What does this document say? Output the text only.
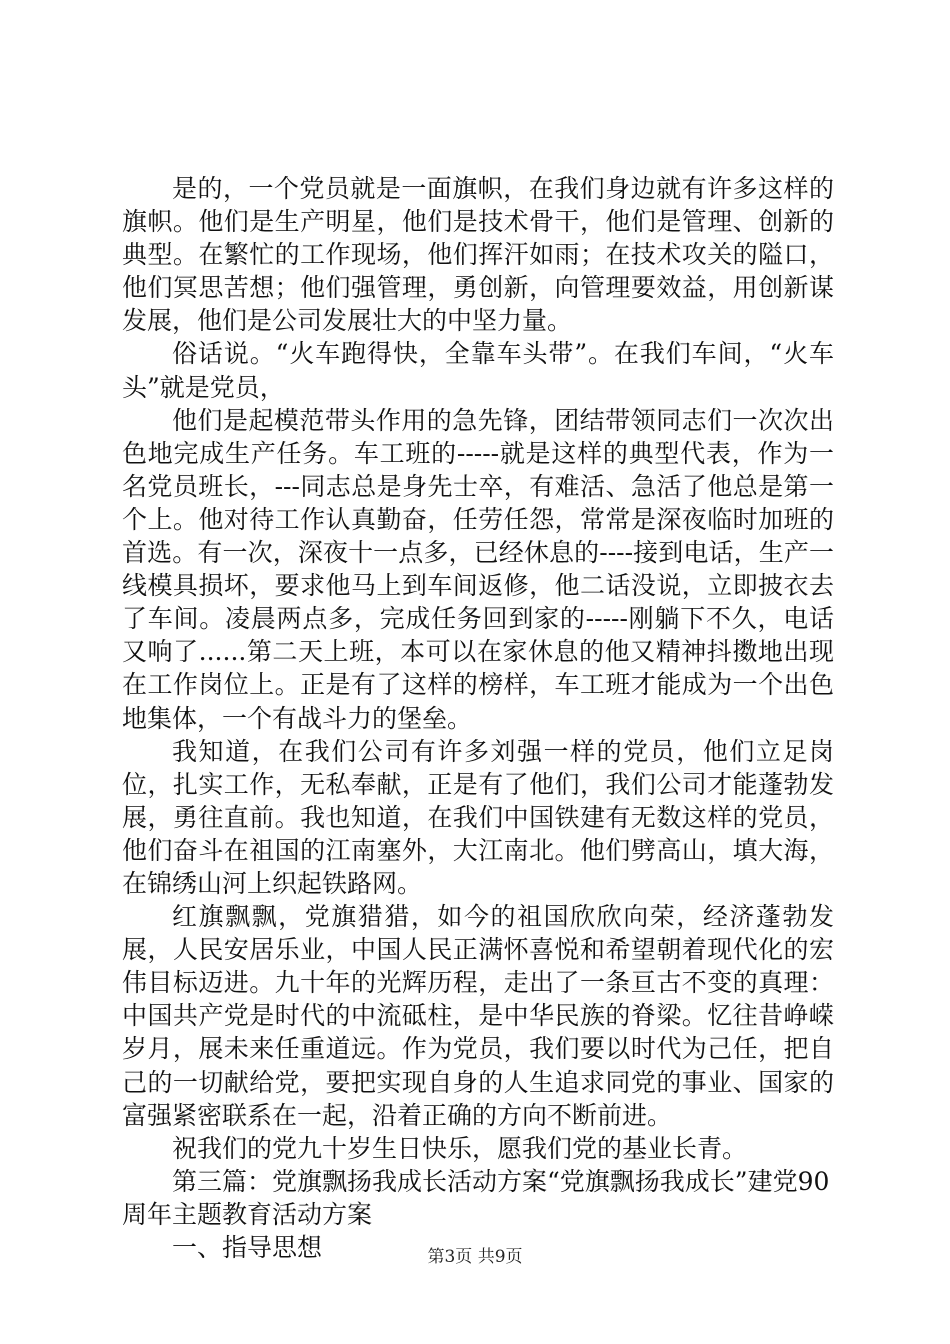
是的，一个党员就是一面旗帜，在我们身边就有许多这样的旗帜。他们是生产明星，他们是技术骨干，他们是管理、创新的典型。在繁忙的工作现场，他们挥汗如雨；在技术攻关的隘口，他们冥思苦想；他们强管理，勇创新，向管理要效益，用创新谋发展，他们是公司发展壮大的中坚力量。

俗话说。“火车跑得快，全靠车头带”。在我们车间，“火车头”就是党员，

他们是起模范带头作用的急先锋，团结带领同志们一次次出色地完成生产任务。车工班的-----就是这样的典型代表，作为一名党员班长，---同志总是身先士卒，有难活、急活了他总是第一个上。他对待工作认真勤奋，任劳任怨，常常是深夜临时加班的首选。有一次，深夜十一点多，已经休息的----接到电话，生产一线模具损坏，要求他马上到车间返修，他二话没说，立即披衣去了车间。凌晨两点多，完成任务回到家的-----刚躺下不久，电话又响了......第二天上班，本可以在家休息的他又精神抖擞地出现在工作岗位上。正是有了这样的榜样，车工班才能成为一个出色地集体，一个有战斗力的堡垒。

我知道，在我们公司有许多刘强一样的党员，他们立足岗位，扎实工作，无私奉献，正是有了他们，我们公司才能蓬勃发展，勇往直前。我也知道，在我们中国铁建有无数这样的党员，他们奋斗在祖国的江南塞外，大江南北。他们劈高山，填大海，在锦绣山河上织起铁路网。

红旗飘飘，党旗猎猎，如今的祖国欣欣向荣，经济蓬勃发展，人民安居乐业，中国人民正满怀喜悦和希望朝着现代化的宏伟目标迈进。九十年的光辉历程，走出了一条亘古不变的真理：中国共产党是时代的中流砥柱，是中华民族的脊梁。忆往昔峥嵘岁月，展未来任重道远。作为党员，我们要以时代为己任，把自己的一切献给党，要把实现自身的人生追求同党的事业、国家的富强紧密联系在一起，沿着正确的方向不断前进。

祝我们的党九十岁生日快乐，愿我们党的基业长青。

第三篇：党旗飘扬我成长活动方案“党旗飘扬我成长”建党90周年主题教育活动方案

一、指导思想	第3页 共9页
